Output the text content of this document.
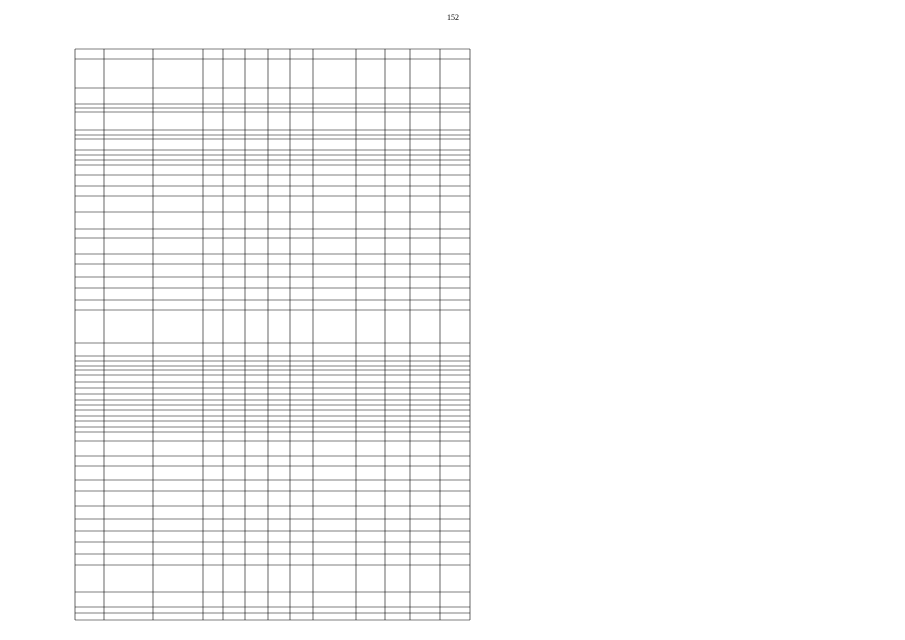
152
